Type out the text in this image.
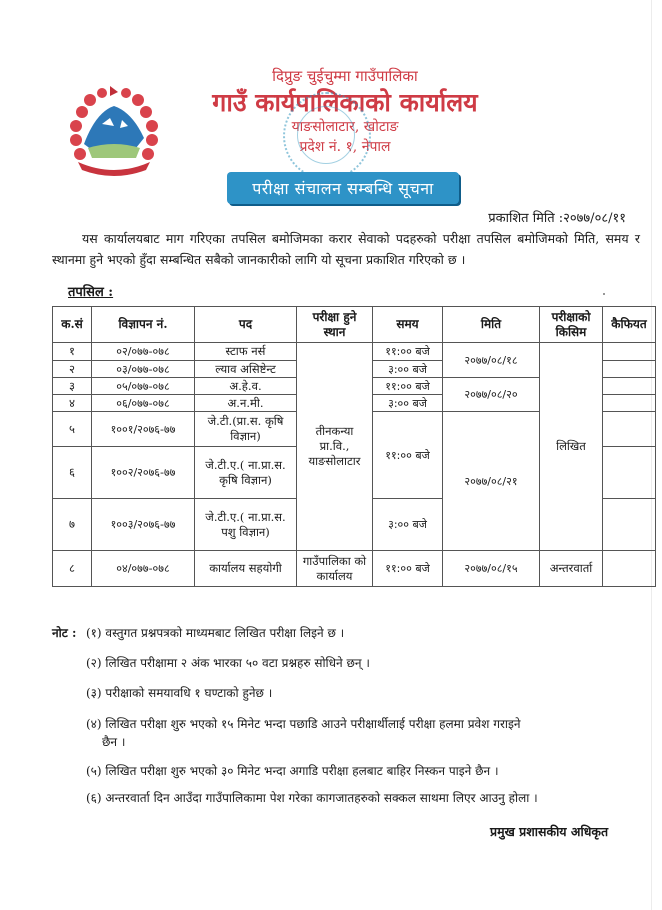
दिप्रुङ चुईचुम्मा गाउँपालिका
गाउँ कार्यपालिकाको कार्यालय
याङसोलाटार, खोटाङ
प्रदेश नं. १, नेपाल
परीक्षा संचालन सम्बन्धि सूचना
प्रकाशित मिति :२०७७/०८/११
यस कार्यालयबाट माग गरिएका तपसिल बमोजिमका करार सेवाको पदहरुको परीक्षा तपसिल बमोजिमको मिति, समय र स्थानमा हुने भएको हुँदा सम्बन्धित सबैको जानकारीको लागि यो सूचना प्रकाशित गरिएको छ ।
तपसिल :
क.सं	विज्ञापन नं.	पद	परीक्षा हुने स्थान	समय	मिति	परीक्षाको किसिम	कैफियत
१	०२/०७७-०७८	स्टाफ नर्स	तीनकन्या प्रा.वि., याङसोलाटार	११:०० बजे	२०७७/०८/१८	लिखित	
२	०३/०७७-०७८	ल्याव असिष्टेन्ट		३:०० बजे			
३	०५/०७७-०७८	अ.हे.व.		११:०० बजे	२०७७/०८/२०		
४	०६/०७७-०७८	अ.न.मी.		३:०० बजे			
५	१००१/२०७६-७७	जे.टी.(प्रा.स. कृषि विज्ञान)		११:०० बजे	२०७७/०८/२१		
६	१००२/२०७६-७७	जे.टी.ए.( ना.प्रा.स. कृषि विज्ञान)					
७	१००३/२०७६-७७	जे.टी.ए.( ना.प्रा.स. पशु विज्ञान)		३:०० बजे			
८	०४/०७७-०७८	कार्यालय सहयोगी	गाउँपालिका को कार्यालय	११:०० बजे	२०७७/०८/१५	अन्तरवार्ता	
नोट : (१) वस्तुगत प्रश्नपत्रको माध्यमबाट लिखित परीक्षा लिइने छ ।
(२) लिखित परीक्षामा २ अंक भारका ५० वटा प्रश्नहरु सोधिने छन् ।
(३) परीक्षाको समयावधि १ घण्टाको हुनेछ ।
(४) लिखित परीक्षा शुरु भएको १५ मिनेट भन्दा पछाडि आउने परीक्षार्थीलाई परीक्षा हलमा प्रवेश गराइने
छैन ।
(५) लिखित परीक्षा शुरु भएको ३० मिनेट भन्दा अगाडि परीक्षा हलबाट बाहिर निस्कन पाइने छैन ।
(६) अन्तरवार्ता दिन आउँदा गाउँपालिकामा पेश गरेका कागजातहरुको सक्कल साथमा लिएर आउनु होला ।
प्रमुख प्रशासकीय अधिकृत
